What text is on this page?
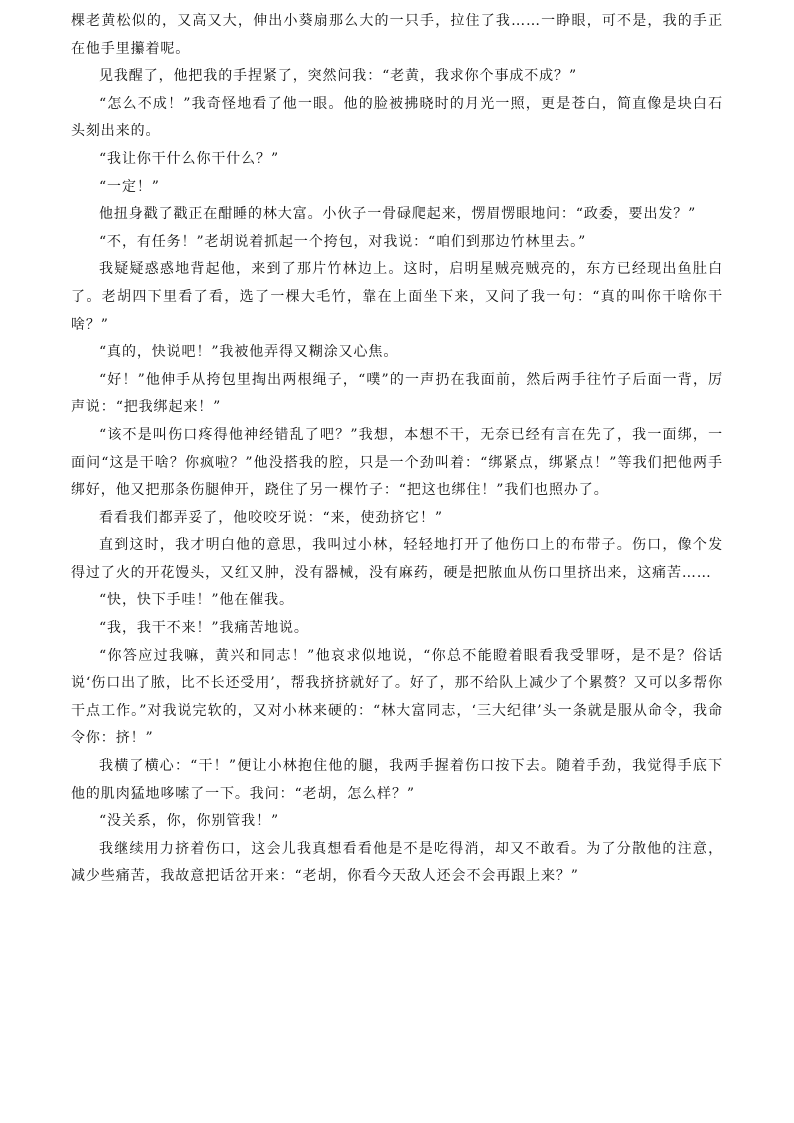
棵老黄松似的，又高又大，伸出小葵扇那么大的一只手，拉住了我……一睁眼，可不是，我的手正在他手里攥着呢。

见我醒了，他把我的手捏紧了，突然问我：“老黄，我求你个事成不成？”

“怎么不成！”我奇怪地看了他一眼。他的脸被拂晓时的月光一照，更是苍白，简直像是块白石头刻出来的。

“我让你干什么你干什么？”

“一定！”

他扭身戳了戳正在酣睡的林大富。小伙子一骨碌爬起来，愣眉愣眼地问：“政委，要出发？”

“不，有任务！”老胡说着抓起一个挎包，对我说：“咱们到那边竹林里去。”

我疑疑惑惑地背起他，来到了那片竹林边上。这时，启明星贼亮贼亮的，东方已经现出鱼肚白了。老胡四下里看了看，选了一棵大毛竹，靠在上面坐下来，又问了我一句：“真的叫你干啥你干啥？”

“真的，快说吧！”我被他弄得又糊涂又心焦。

“好！”他伸手从挎包里掏出两根绳子，“噗”的一声扔在我面前，然后两手往竹子后面一背，厉声说：“把我绑起来！”

“该不是叫伤口疼得他神经错乱了吧？”我想，本想不干，无奈已经有言在先了，我一面绑，一面问“这是干啥？你疯啦？”他没搭我的腔，只是一个劲叫着：“绑紧点，绑紧点！”等我们把他两手绑好，他又把那条伤腿伸开，跷住了另一棵竹子：“把这也绑住！”我们也照办了。

看看我们都弄妥了，他咬咬牙说：“来，使劲挤它！”

直到这时，我才明白他的意思，我叫过小林，轻轻地打开了他伤口上的布带子。伤口，像个发得过了火的开花馒头，又红又肿，没有器械，没有麻药，硬是把脓血从伤口里挤出来，这痛苦……

“快，快下手哇！”他在催我。

“我，我干不来！”我痛苦地说。

“你答应过我嘛，黄兴和同志！”他哀求似地说，“你总不能瞪着眼看我受罪呀，是不是？俗话说‘伤口出了脓，比不长还受用’，帮我挤挤就好了。好了，那不给队上减少了个累赘？又可以多帮你干点工作。”对我说完软的，又对小林来硬的：“林大富同志，‘三大纪律’头一条就是服从命令，我命令你：挤！”

我横了横心：“干！”便让小林抱住他的腿，我两手握着伤口按下去。随着手劲，我觉得手底下他的肌肉猛地哆嗦了一下。我问：“老胡，怎么样？”

“没关系，你，你别管我！”

我继续用力挤着伤口，这会儿我真想看看他是不是吃得消，却又不敢看。为了分散他的注意，减少些痛苦，我故意把话岔开来：“老胡，你看今天敌人还会不会再跟上来？”
